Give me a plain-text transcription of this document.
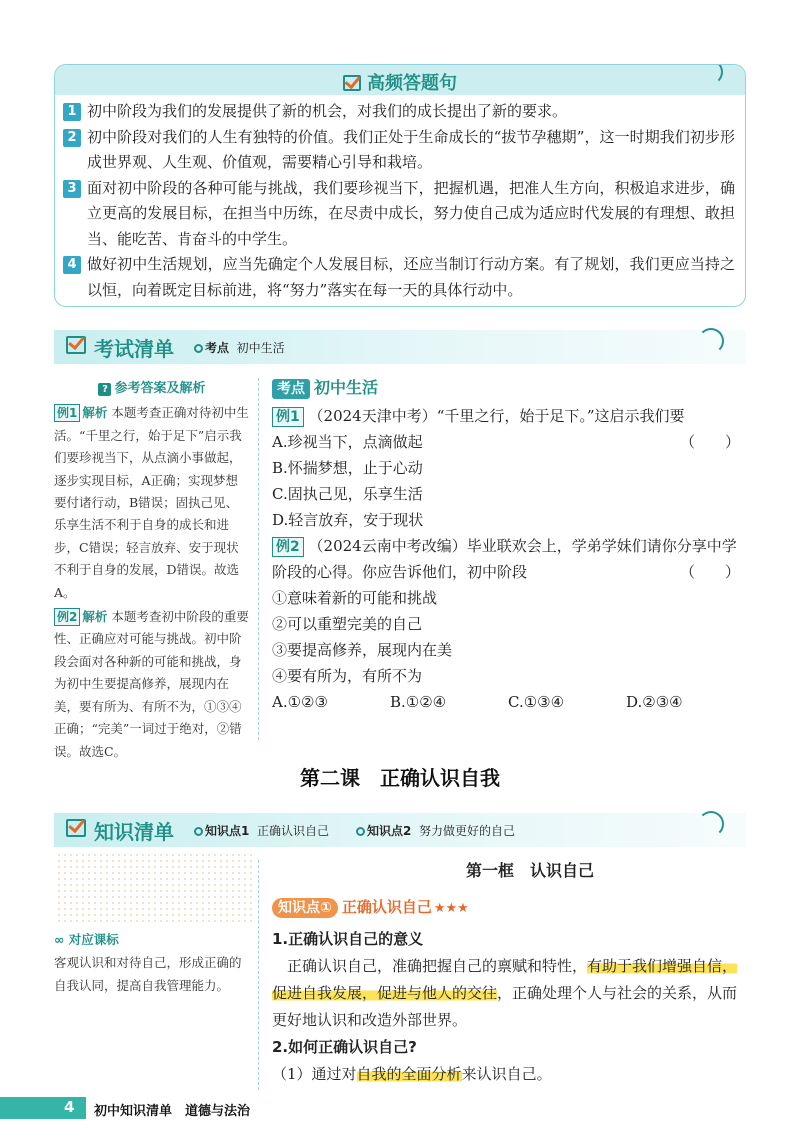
高频答题句
1 初中阶段为我们的发展提供了新的机会，对我们的成长提出了新的要求。
2 初中阶段对我们的人生有独特的价值。我们正处于生命成长的“拔节孕穗期”，这一时期我们初步形成世界观、人生观、价值观，需要精心引导和栽培。
3 面对初中阶段的各种可能与挑战，我们要珍视当下，把握机遇，把准人生方向，积极追求进步，确立更高的发展目标，在担当中历练，在尽责中成长，努力使自己成为适应时代发展的有理想、敢担当、能吃苦、肯奋斗的中学生。
4 做好初中生活规划，应当先确定个人发展目标，还应当制订行动方案。有了规划，我们更应当持之以恒，向着既定目标前进，将“努力”落实在每一天的具体行动中。
考试清单	考点 初中生活
? 参考答案及解析
例1 解析 本题考查正确对待初中生活。“千里之行，始于足下”启示我们要珍视当下，从点滴小事做起，逐步实现目标，A正确；实现梦想要付诸行动，B错误；固执己见、乐享生活不利于自身的成长和进步，C错误；轻言放弃、安于现状不利于自身的发展，D错误。故选A。
例2 解析 本题考查初中阶段的重要性、正确应对可能与挑战。初中阶段会面对各种新的可能和挑战，身为初中生要提高修养，展现内在美，要有所为、有所不为，①③④正确；“完美”一词过于绝对，②错误。故选C。
考点 初中生活
例1 （2024天津中考）“千里之行，始于足下。”这启示我们要
（　　）
A.珍视当下，点滴做起
B.怀揣梦想，止于心动
C.固执己见，乐享生活
D.轻言放弃，安于现状
例2 （2024云南中考改编）毕业联欢会上，学弟学妹们请你分享中学阶段的心得。你应告诉他们，初中阶段	（　　）
①意味着新的可能和挑战
②可以重塑完美的自己
③要提高修养，展现内在美
④要有所为，有所不为
A.①②③	B.①②④	C.①③④	D.②③④
第二课　正确认识自我
知识清单	知识点1 正确认识自己	知识点2 努力做更好的自己
∞ 对应课标
客观认识和对待自己，形成正确的自我认同，提高自我管理能力。
第一框　认识自己
知识点① 正确认识自己 ★★★
1.正确认识自己的意义
正确认识自己，准确把握自己的禀赋和特性，有助于我们增强自信，促进自我发展，促进与他人的交往，正确处理个人与社会的关系，从而更好地认识和改造外部世界。
2.如何正确认识自己?
（1）通过对自我的全面分析来认识自己。
4 初中知识清单　道德与法治
